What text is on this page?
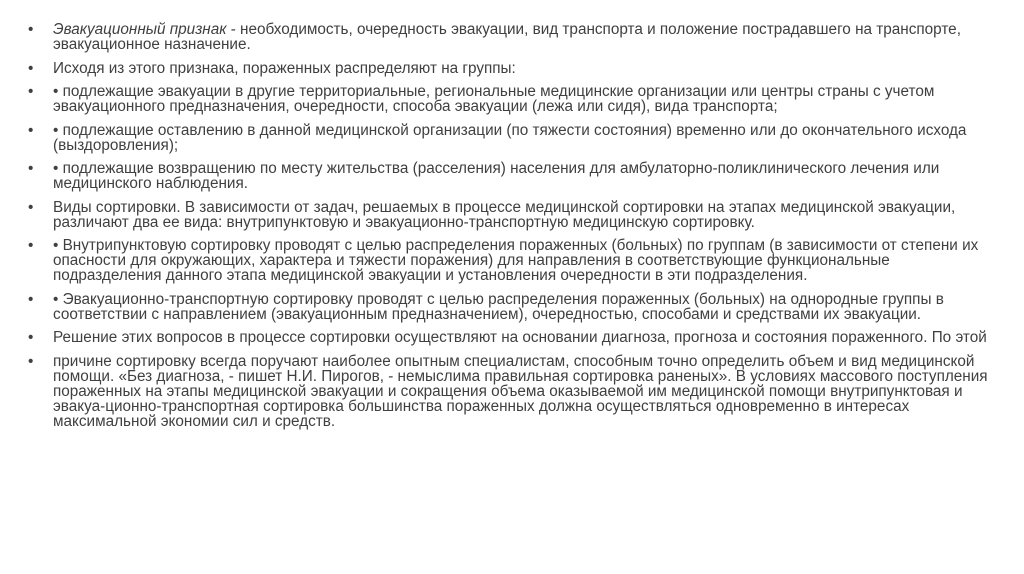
• Эвакуационный признак - необходимость, очередность эвакуации, вид транспорта и положение пострадавшего на транспорте, эвакуационное назначение.
• Исходя из этого признака, пораженных распределяют на группы:
• • подлежащие эвакуации в другие территориальные, региональные медицинские организации или центры страны с учетом эвакуационного предназначения, очередности, способа эвакуации (лежа или сидя), вида транспорта;
• • подлежащие оставлению в данной медицинской организации (по тяжести состояния) временно или до окончательного исхода (выздоровления);
• • подлежащие возвращению по месту жительства (расселения) населения для амбулаторно-поликлинического лечения или медицинского наблюдения.
• Виды сортировки. В зависимости от задач, решаемых в процессе медицинской сортировки на этапах медицинской эвакуации, различают два ее вида: внутрипунктовую и эвакуационно-транспортную медицинскую сортировку.
• • Внутрипунктовую сортировку проводят с целью распределения пораженных (больных) по группам (в зависимости от степени их опасности для окружающих, характера и тяжести поражения) для направления в соответствующие функциональные подразделения данного этапа медицинской эвакуации и установления очередности в эти подразделения.
• • Эвакуационно-транспортную сортировку проводят с целью распределения пораженных (больных) на однородные группы в соответствии с направлением (эвакуационным предназначением), очередностью, способами и средствами их эвакуации.
• Решение этих вопросов в процессе сортировки осуществляют на основании диагноза, прогноза и состояния пораженного. По этой
• причине сортировку всегда поручают наиболее опытным специалистам, способным точно определить объем и вид медицинской помощи. «Без диагноза, - пишет Н.И. Пирогов, - немыслима правильная сортировка раненых». В условиях массового поступления пораженных на этапы медицинской эвакуации и сокращения объема оказываемой им медицинской помощи внутрипунктовая и эвакуа-ционно-транспортная сортировка большинства пораженных должна осуществляться одновременно в интересах максимальной экономии сил и средств.
